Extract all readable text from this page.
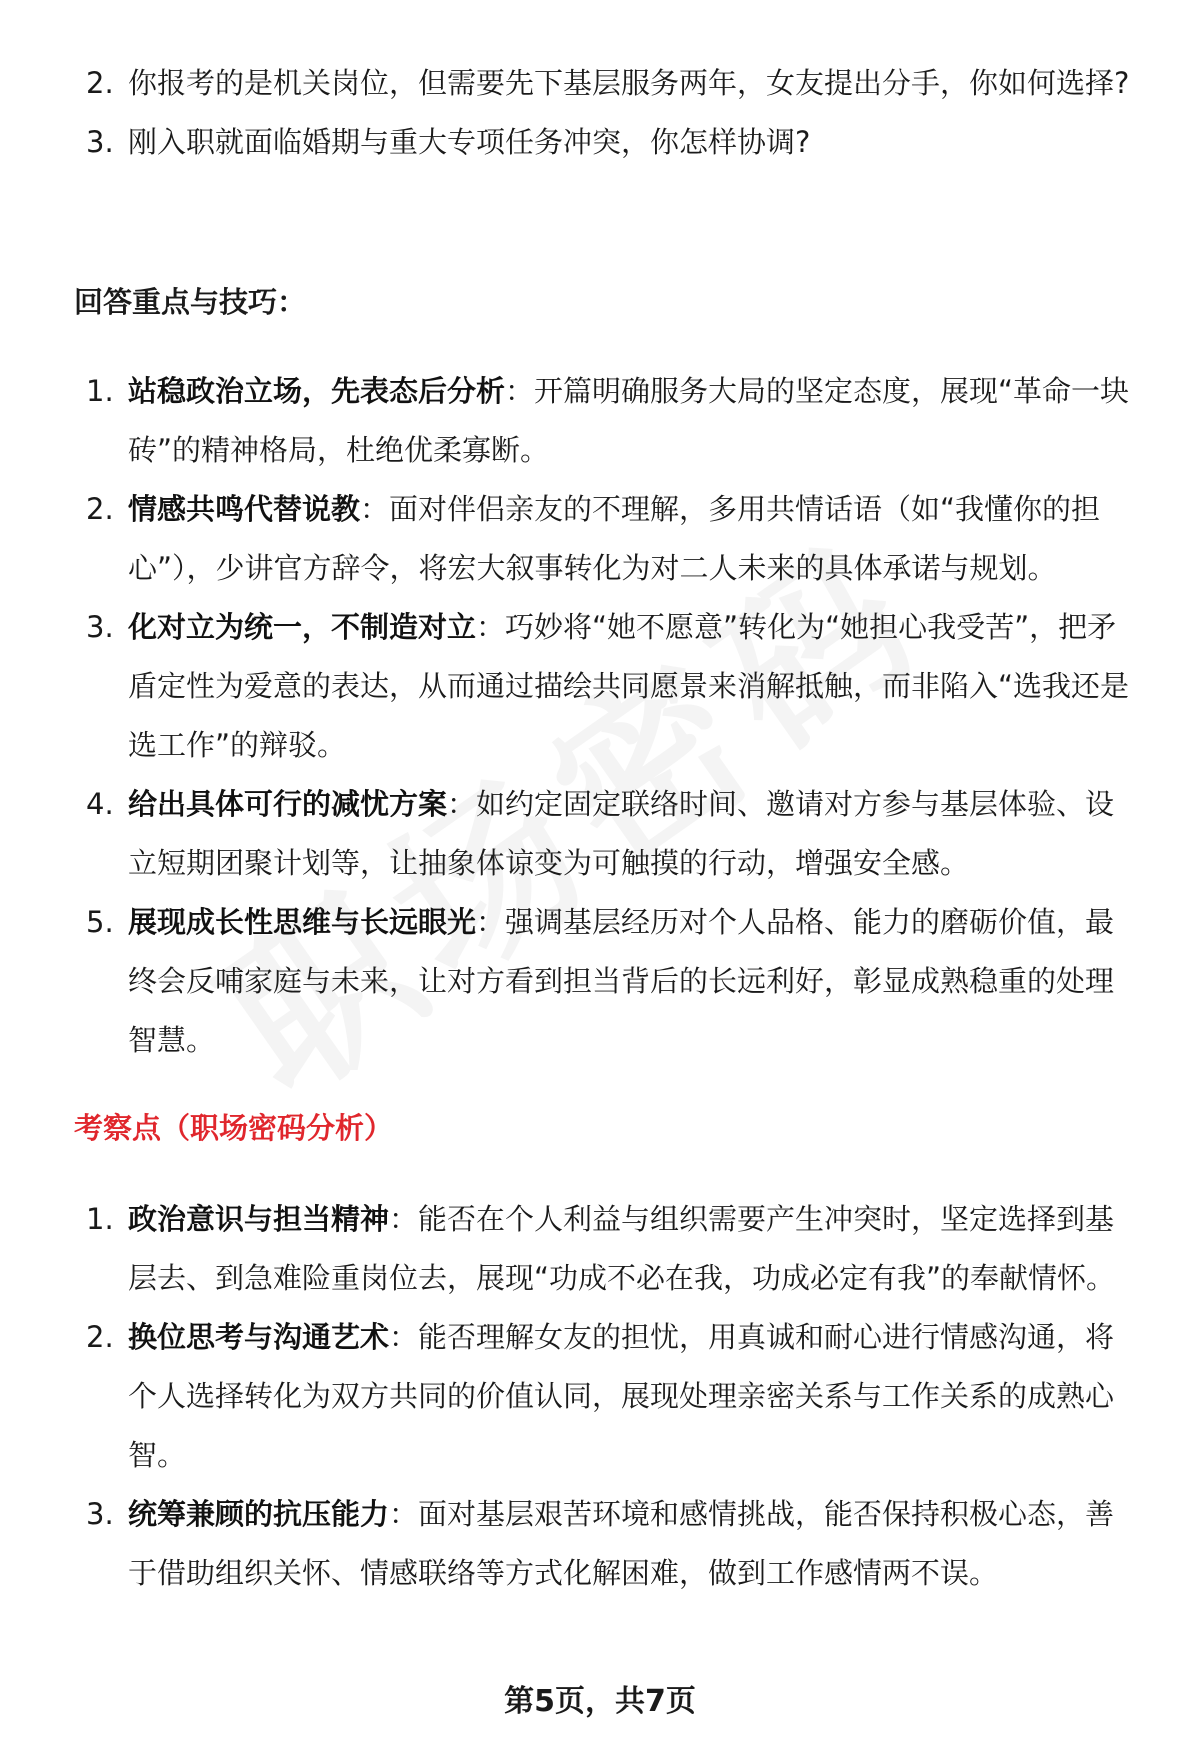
2. 你报考的是机关岗位，但需要先下基层服务两年，女友提出分手，你如何选择?
3. 刚入职就面临婚期与重大专项任务冲突，你怎样协调?
回答重点与技巧：
1. 站稳政治立场，先表态后分析：开篇明确服务大局的坚定态度，展现“革命一块砖”的精神格局，杜绝优柔寡断。
2. 情感共鸣代替说教：面对伴侣亲友的不理解，多用共情话语（如“我懂你的担心”），少讲官方辞令，将宏大叙事转化为对二人未来的具体承诺与规划。
3. 化对立为统一，不制造对立：巧妙将“她不愿意”转化为“她担心我受苦”，把矛盾定性为爱意的表达，从而通过描绘共同愿景来消解抵触，而非陷入“选我还是选工作”的辩驳。
4. 给出具体可行的减忧方案：如约定固定联络时间、邀请对方参与基层体验、设立短期团聚计划等，让抽象体谅变为可触摸的行动，增强安全感。
5. 展现成长性思维与长远眼光：强调基层经历对个人品格、能力的磨砺价值，最终会反哺家庭与未来，让对方看到担当背后的长远利好，彰显成熟稳重的处理智慧。
考察点（职场密码分析）
1. 政治意识与担当精神：能否在个人利益与组织需要产生冲突时，坚定选择到基层去、到急难险重岗位去，展现“功成不必在我，功成必定有我”的奉献情怀。
2. 换位思考与沟通艺术：能否理解女友的担忧，用真诚和耐心进行情感沟通，将个人选择转化为双方共同的价值认同，展现处理亲密关系与工作关系的成熟心智。
3. 统筹兼顾的抗压能力：面对基层艰苦环境和感情挑战，能否保持积极心态，善于借助组织关怀、情感联络等方式化解困难，做到工作感情两不误。
第5页，共7页
